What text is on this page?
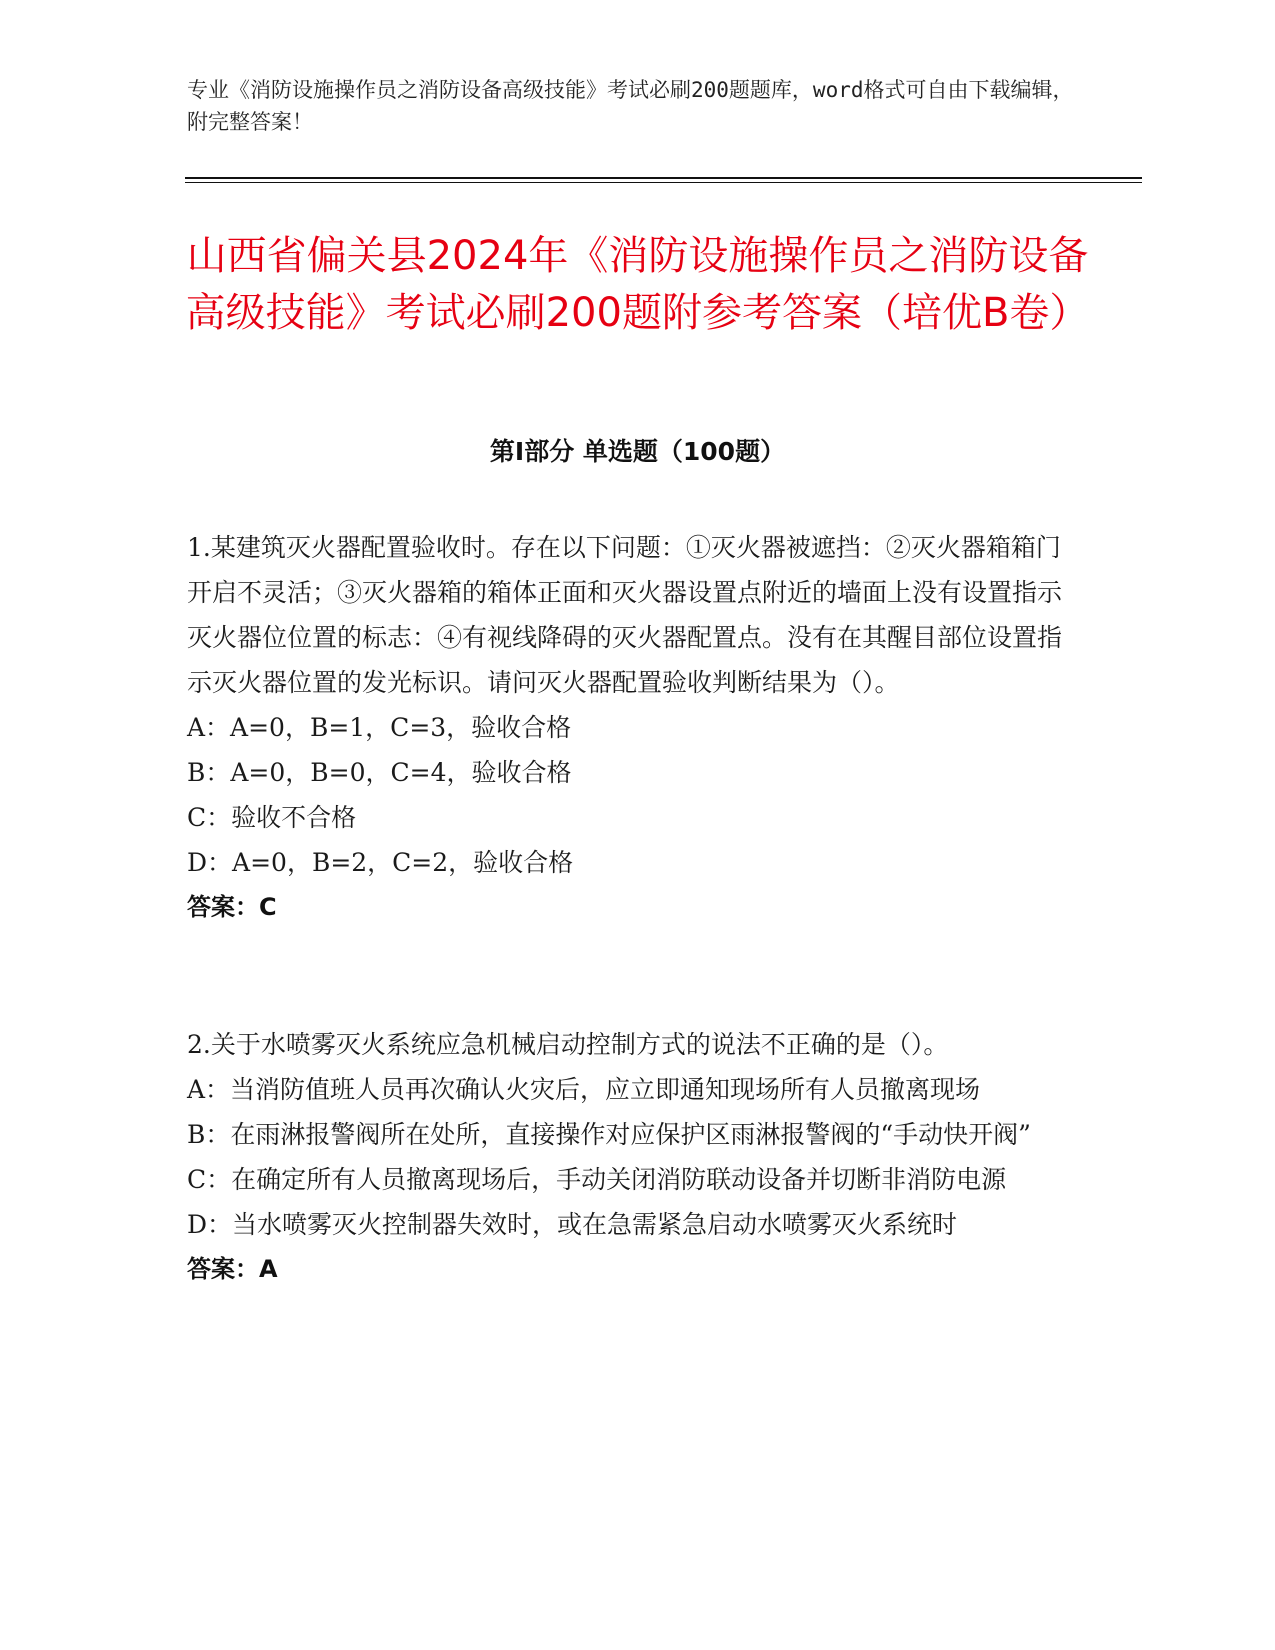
专业《消防设施操作员之消防设备高级技能》考试必刷200题题库，word格式可自由下载编辑，附完整答案！
山西省偏关县2024年《消防设施操作员之消防设备高级技能》考试必刷200题附参考答案（培优B卷）
第Ⅰ部分 单选题（100题）

1.某建筑灭火器配置验收时。存在以下问题：①灭火器被遮挡：②灭火器箱箱门开启不灵活；③灭火器箱的箱体正面和灭火器设置点附近的墙面上没有设置指示灭火器位位置的标志：④有视线降碍的灭火器配置点。没有在其醒目部位设置指示灭火器位置的发光标识。请问灭火器配置验收判断结果为（）。

A：A=0，B=1，C=3，验收合格

B：A=0，B=0，C=4，验收合格

C：验收不合格

D：A=0，B=2，C=2，验收合格

答案：C

2.关于水喷雾灭火系统应急机械启动控制方式的说法不正确的是（）。

A：当消防值班人员再次确认火灾后，应立即通知现场所有人员撤离现场

B：在雨淋报警阀所在处所，直接操作对应保护区雨淋报警阀的“手动快开阀”

C：在确定所有人员撤离现场后，手动关闭消防联动设备并切断非消防电源

D：当水喷雾灭火控制器失效时，或在急需紧急启动水喷雾灭火系统时

答案：A
